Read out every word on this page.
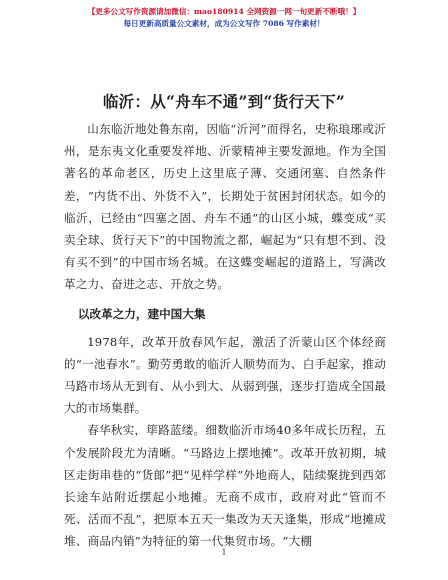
【更多公文写作资源请加微信：mao180914 全网资源一网一旬更新不断哦！】
每日更新高质量公文素材，成为公文写作 7086 写作素材！
临沂：从“舟车不通”到“货行天下”

山东临沂地处鲁东南，因临“沂河”而得名，史称琅琊或沂州，是东夷文化重要发祥地、沂蒙精神主要发源地。作为全国著名的革命老区，历史上这里底子薄、交通闭塞、自然条件差，“内货不出、外货不入”，长期处于贫困封闭状态。如今的临沂，已经由“四塞之固、舟车不通”的山区小城，蝶变成“买卖全球、货行天下”的中国物流之都，崛起为“只有想不到、没有买不到”的中国市场名城。在这蝶变崛起的道路上，写满改革之力、奋进之志、开放之势。

以改革之力，建中国大集

1978年，改革开放春风乍起，激活了沂蒙山区个体经商的“一池春水”。勤劳勇敢的临沂人顺势而为、白手起家，推动马路市场从无到有、从小到大、从弱到强，逐步打造成全国最大的市场集群。

春华秋实，筚路蓝缕。细数临沂市场40多年成长历程，五个发展阶段尤为清晰。“马路边上摆地摊”。改革开放初期，城区走街串巷的“货郎”把“见样学样”外地商人，陆续聚拢到西郊长途车站附近摆起小地摊。无商不成市，政府对此“管而不死、活而不乱”，把原本五天一集改为天天逢集，形成“地摊成堆、商品内销”为特征的第一代集贸市场。“大棚

1
